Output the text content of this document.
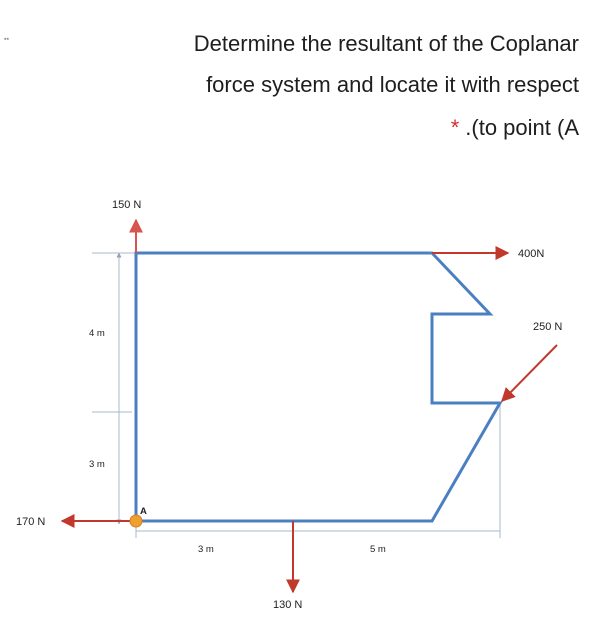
▪▪	Determine the resultant of the Coplanar
force system and locate it with respect
* .(to point (A
150 N
400N
250 N
170 N
130 N
A
4 m
3 m
3 m	5 m
